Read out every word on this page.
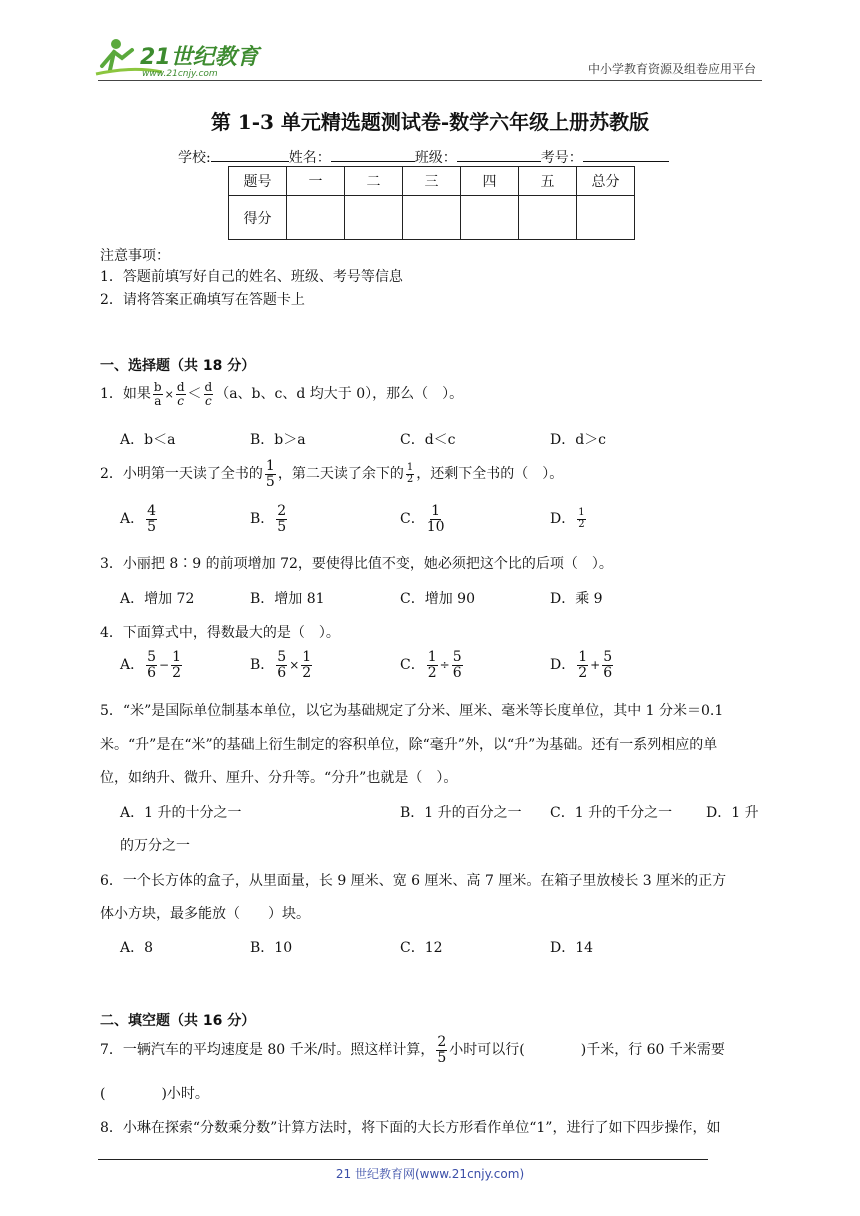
21世纪教育
www.21cnjy.com	中小学教育资源及组卷应用平台
第 1-3 单元精选题测试卷-数学六年级上册苏教版
学校:	姓名：	班级：	考号：
题号	一	二	三	四	五	总分
得分						
注意事项：
1．答题前填写好自己的姓名、班级、考号等信息
2．请将答案正确填写在答题卡上
一、选择题（共 18 分）
1．如果 $\frac{b}{a} \times \frac{d}{c} < \frac{d}{c} (a$、b、c、d 均大于 0），那么（　）。
A．b＜a	B．b＞a	C．d＜c	D．d＞c
2．小明第一天读了全书的 $\frac{1}{5}$ ，第二天读了余下的 $\frac{1}{2}$ ，还剩下全书的（　）。
A． $\frac{4}{5}$	B． $\frac{2}{5}$	C． $\frac{1}{10}$	D． $\frac{1}{2}$
3．小丽把 8∶9 的前项增加 72，要使得比值不变，她必须把这个比的后项（　）。
A．增加 72	B．增加 81	C．增加 90	D．乘 9
4．下面算式中，得数最大的是（　）。
A． $\frac{5}{6} - \frac{1}{2}$	B． $\frac{5}{6} \times \frac{1}{2}$	C． $\frac{1}{2} \div \frac{5}{6}$	D． $\frac{1}{2} + \frac{5}{6}$
5．“米”是国际单位制基本单位，以它为基础规定了分米、厘米、毫米等长度单位，其中 1 分米＝0.1
米。“升”是在“米”的基础上衍生制定的容积单位，除“毫升”外，以“升”为基础。还有一系列相应的单
位，如纳升、微升、厘升、分升等。“分升”也就是（　）。
A．1 升的十分之一	B．1 升的百分之一 C．1 升的千分之一 D．1 升
的万分之一
6．一个长方体的盒子，从里面量，长 9 厘米、宽 6 厘米、高 7 厘米。在箱子里放棱长 3 厘米的正方
体小方块，最多能放（　　）块。
A．8	B．10	C．12	D．14
二、填空题（共 16 分）
7．一辆汽车的平均速度是 80 千米/时。照这样计算， $\frac{2}{5}$ 小时可以行(　　　　)千米，行 60 千米需要
(　　　　)小时。
8．小琳在探索“分数乘分数”计算方法时，将下面的大长方形看作单位“1”，进行了如下四步操作，如
21 世纪教育网(www.21cnjy.com)
